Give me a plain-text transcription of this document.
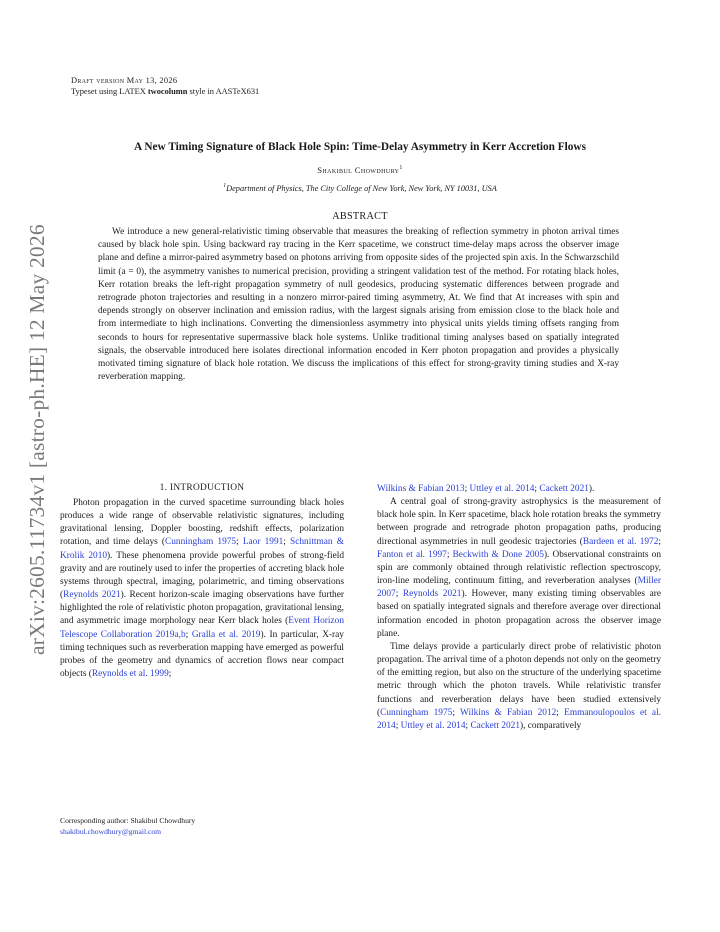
arXiv:2605.11734v1 [astro-ph.HE] 12 May 2026
Draft version May 13, 2026
Typeset using LATEX twocolumn style in AASTeX631
A New Timing Signature of Black Hole Spin: Time-Delay Asymmetry in Kerr Accretion Flows
Shakibul Chowdhury$^1$
$^1$Department of Physics, The City College of New York, New York, NY 10031, USA
ABSTRACT
We introduce a new general-relativistic timing observable that measures the breaking of reflection symmetry in photon arrival times caused by black hole spin. Using backward ray tracing in the Kerr spacetime, we construct time-delay maps across the observer image plane and define a mirror-paired asymmetry based on photons arriving from opposite sides of the projected spin axis. In the Schwarzschild limit (a = 0), the asymmetry vanishes to numerical precision, providing a stringent validation test of the method. For rotating black holes, Kerr rotation breaks the left-right propagation symmetry of null geodesics, producing systematic differences between prograde and retrograde photon trajectories and resulting in a nonzero mirror-paired timing asymmetry, At. We find that At increases with spin and depends strongly on observer inclination and emission radius, with the largest signals arising from emission close to the black hole and from intermediate to high inclinations. Converting the dimensionless asymmetry into physical units yields timing offsets ranging from seconds to hours for representative supermassive black hole systems. Unlike traditional timing analyses based on spatially integrated signals, the observable introduced here isolates directional information encoded in Kerr photon propagation and provides a physically motivated timing signature of black hole rotation. We discuss the implications of this effect for strong-gravity timing studies and X-ray reverberation mapping.
1. INTRODUCTION

Photon propagation in the curved spacetime surrounding black holes produces a wide range of observable relativistic signatures, including gravitational lensing, Doppler boosting, redshift effects, polarization rotation, and time delays (Cunningham 1975; Laor 1991; Schnittman & Krolik 2010). These phenomena provide powerful probes of strong-field gravity and are routinely used to infer the properties of accreting black hole systems through spectral, imaging, polarimetric, and timing observations (Reynolds 2021). Recent horizon-scale imaging observations have further highlighted the role of relativistic photon propagation, gravitational lensing, and asymmetric image morphology near Kerr black holes (Event Horizon Telescope Collaboration 2019a,b; Gralla et al. 2019). In particular, X-ray timing techniques such as reverberation mapping have emerged as powerful probes of the geometry and dynamics of accretion flows near compact objects (Reynolds et al. 1999;

Corresponding author: Shakibul Chowdhury
shakibul.chowdhury@gmail.com

Wilkins & Fabian 2013; Uttley et al. 2014; Cackett 2021).

A central goal of strong-gravity astrophysics is the measurement of black hole spin. In Kerr spacetime, black hole rotation breaks the symmetry between prograde and retrograde photon propagation paths, producing directional asymmetries in null geodesic trajectories (Bardeen et al. 1972; Fanton et al. 1997; Beckwith & Done 2005). Observational constraints on spin are commonly obtained through relativistic reflection spectroscopy, iron-line modeling, continuum fitting, and reverberation analyses (Miller 2007; Reynolds 2021). However, many existing timing observables are based on spatially integrated signals and therefore average over directional information encoded in photon propagation across the observer image plane.

Time delays provide a particularly direct probe of relativistic photon propagation. The arrival time of a photon depends not only on the geometry of the emitting region, but also on the structure of the underlying spacetime metric through which the photon travels. While relativistic transfer functions and reverberation delays have been studied extensively (Cunningham 1975; Wilkins & Fabian 2012; Emmanoulopoulos et al. 2014; Uttley et al. 2014; Cackett 2021), comparatively
